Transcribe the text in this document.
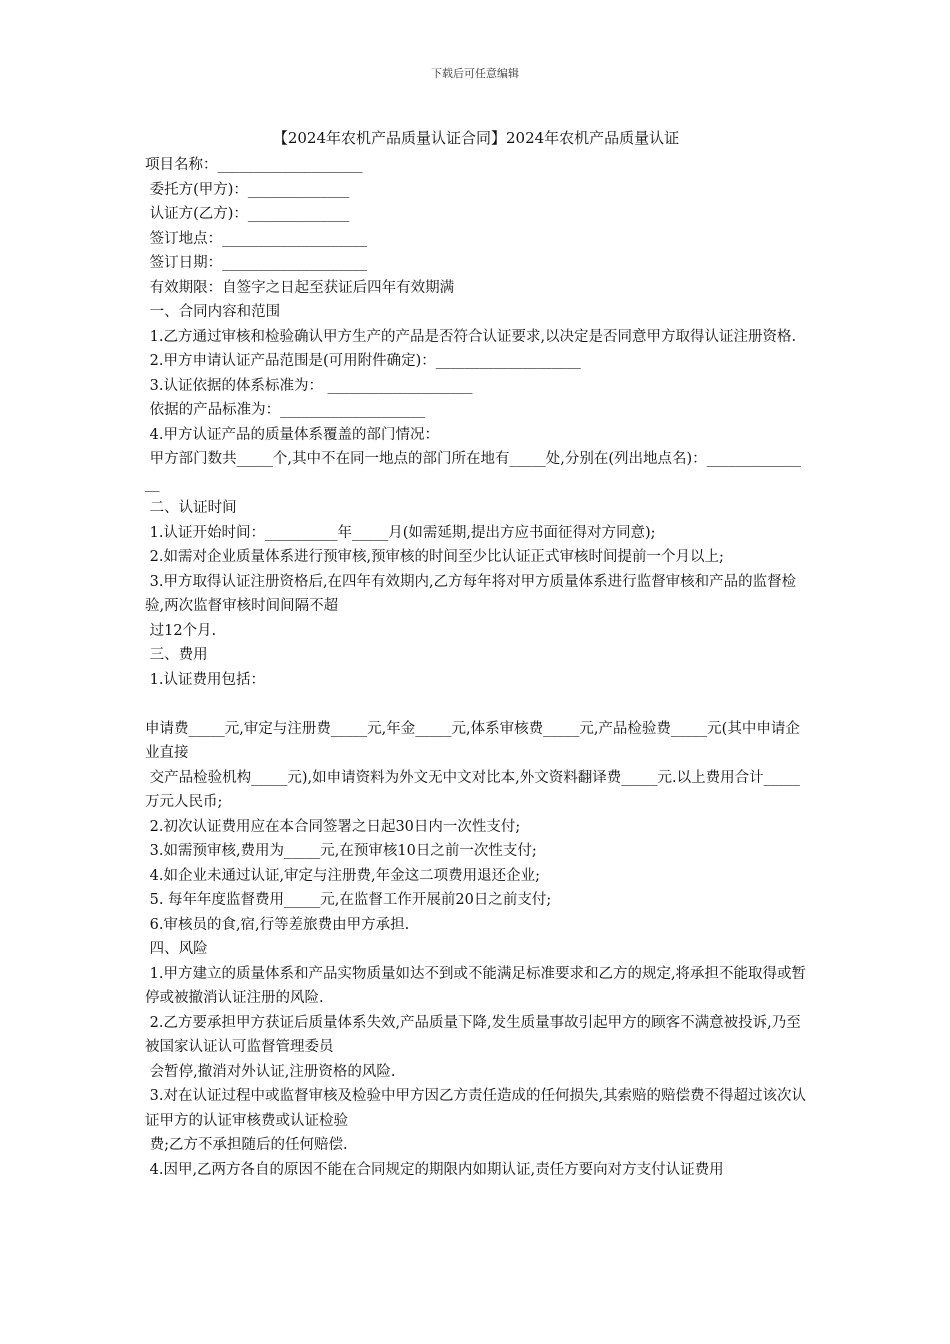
下载后可任意编辑
【2024年农机产品质量认证合同】2024年农机产品质量认证

项目名称：____________________

委托方(甲方)：______________

认证方(乙方)：______________

签订地点：____________________

签订日期：____________________

有效期限：自签字之日起至获证后四年有效期满

一、合同内容和范围

1.乙方通过审核和检验确认甲方生产的产品是否符合认证要求,以决定是否同意甲方取得认证注册资格.

2.甲方申请认证产品范围是(可用附件确定)：____________________

3.认证依据的体系标准为： ____________________

依据的产品标准为：____________________

4.甲方认证产品的质量体系覆盖的部门情况：

甲方部门数共_____个,其中不在同一地点的部门所在地有_____处,分别在(列出地点名)：_______________

二、认证时间

1.认证开始时间：__________年_____月(如需延期,提出方应书面征得对方同意);

2.如需对企业质量体系进行预审核,预审核的时间至少比认证正式审核时间提前一个月以上;

3.甲方取得认证注册资格后,在四年有效期内,乙方每年将对甲方质量体系进行监督审核和产品的监督检验,两次监督审核时间间隔不超

过12个月.

三、费用

1.认证费用包括：

申请费_____元,审定与注册费_____元,年金_____元,体系审核费_____元,产品检验费_____元(其中申请企业直接

交产品检验机构_____元),如申请资料为外文无中文对比本,外文资料翻译费_____元.以上费用合计_____万元人民币;

2.初次认证费用应在本合同签署之日起30日内一次性支付;

3.如需预审核,费用为_____元,在预审核10日之前一次性支付;

4.如企业未通过认证,审定与注册费,年金这二项费用退还企业;

5. 每年年度监督费用_____元,在监督工作开展前20日之前支付;

6.审核员的食,宿,行等差旅费由甲方承担.

四、风险

1.甲方建立的质量体系和产品实物质量如达不到或不能满足标准要求和乙方的规定,将承担不能取得或暂停或被撤消认证注册的风险.

2.乙方要承担甲方获证后质量体系失效,产品质量下降,发生质量事故引起甲方的顾客不满意被投诉,乃至被国家认证认可监督管理委员

会暂停,撤消对外认证,注册资格的风险.

3.对在认证过程中或监督审核及检验中甲方因乙方责任造成的任何损失,其索赔的赔偿费不得超过该次认证甲方的认证审核费或认证检验

费;乙方不承担随后的任何赔偿.

4.因甲,乙两方各自的原因不能在合同规定的期限内如期认证,责任方要向对方支付认证费用
